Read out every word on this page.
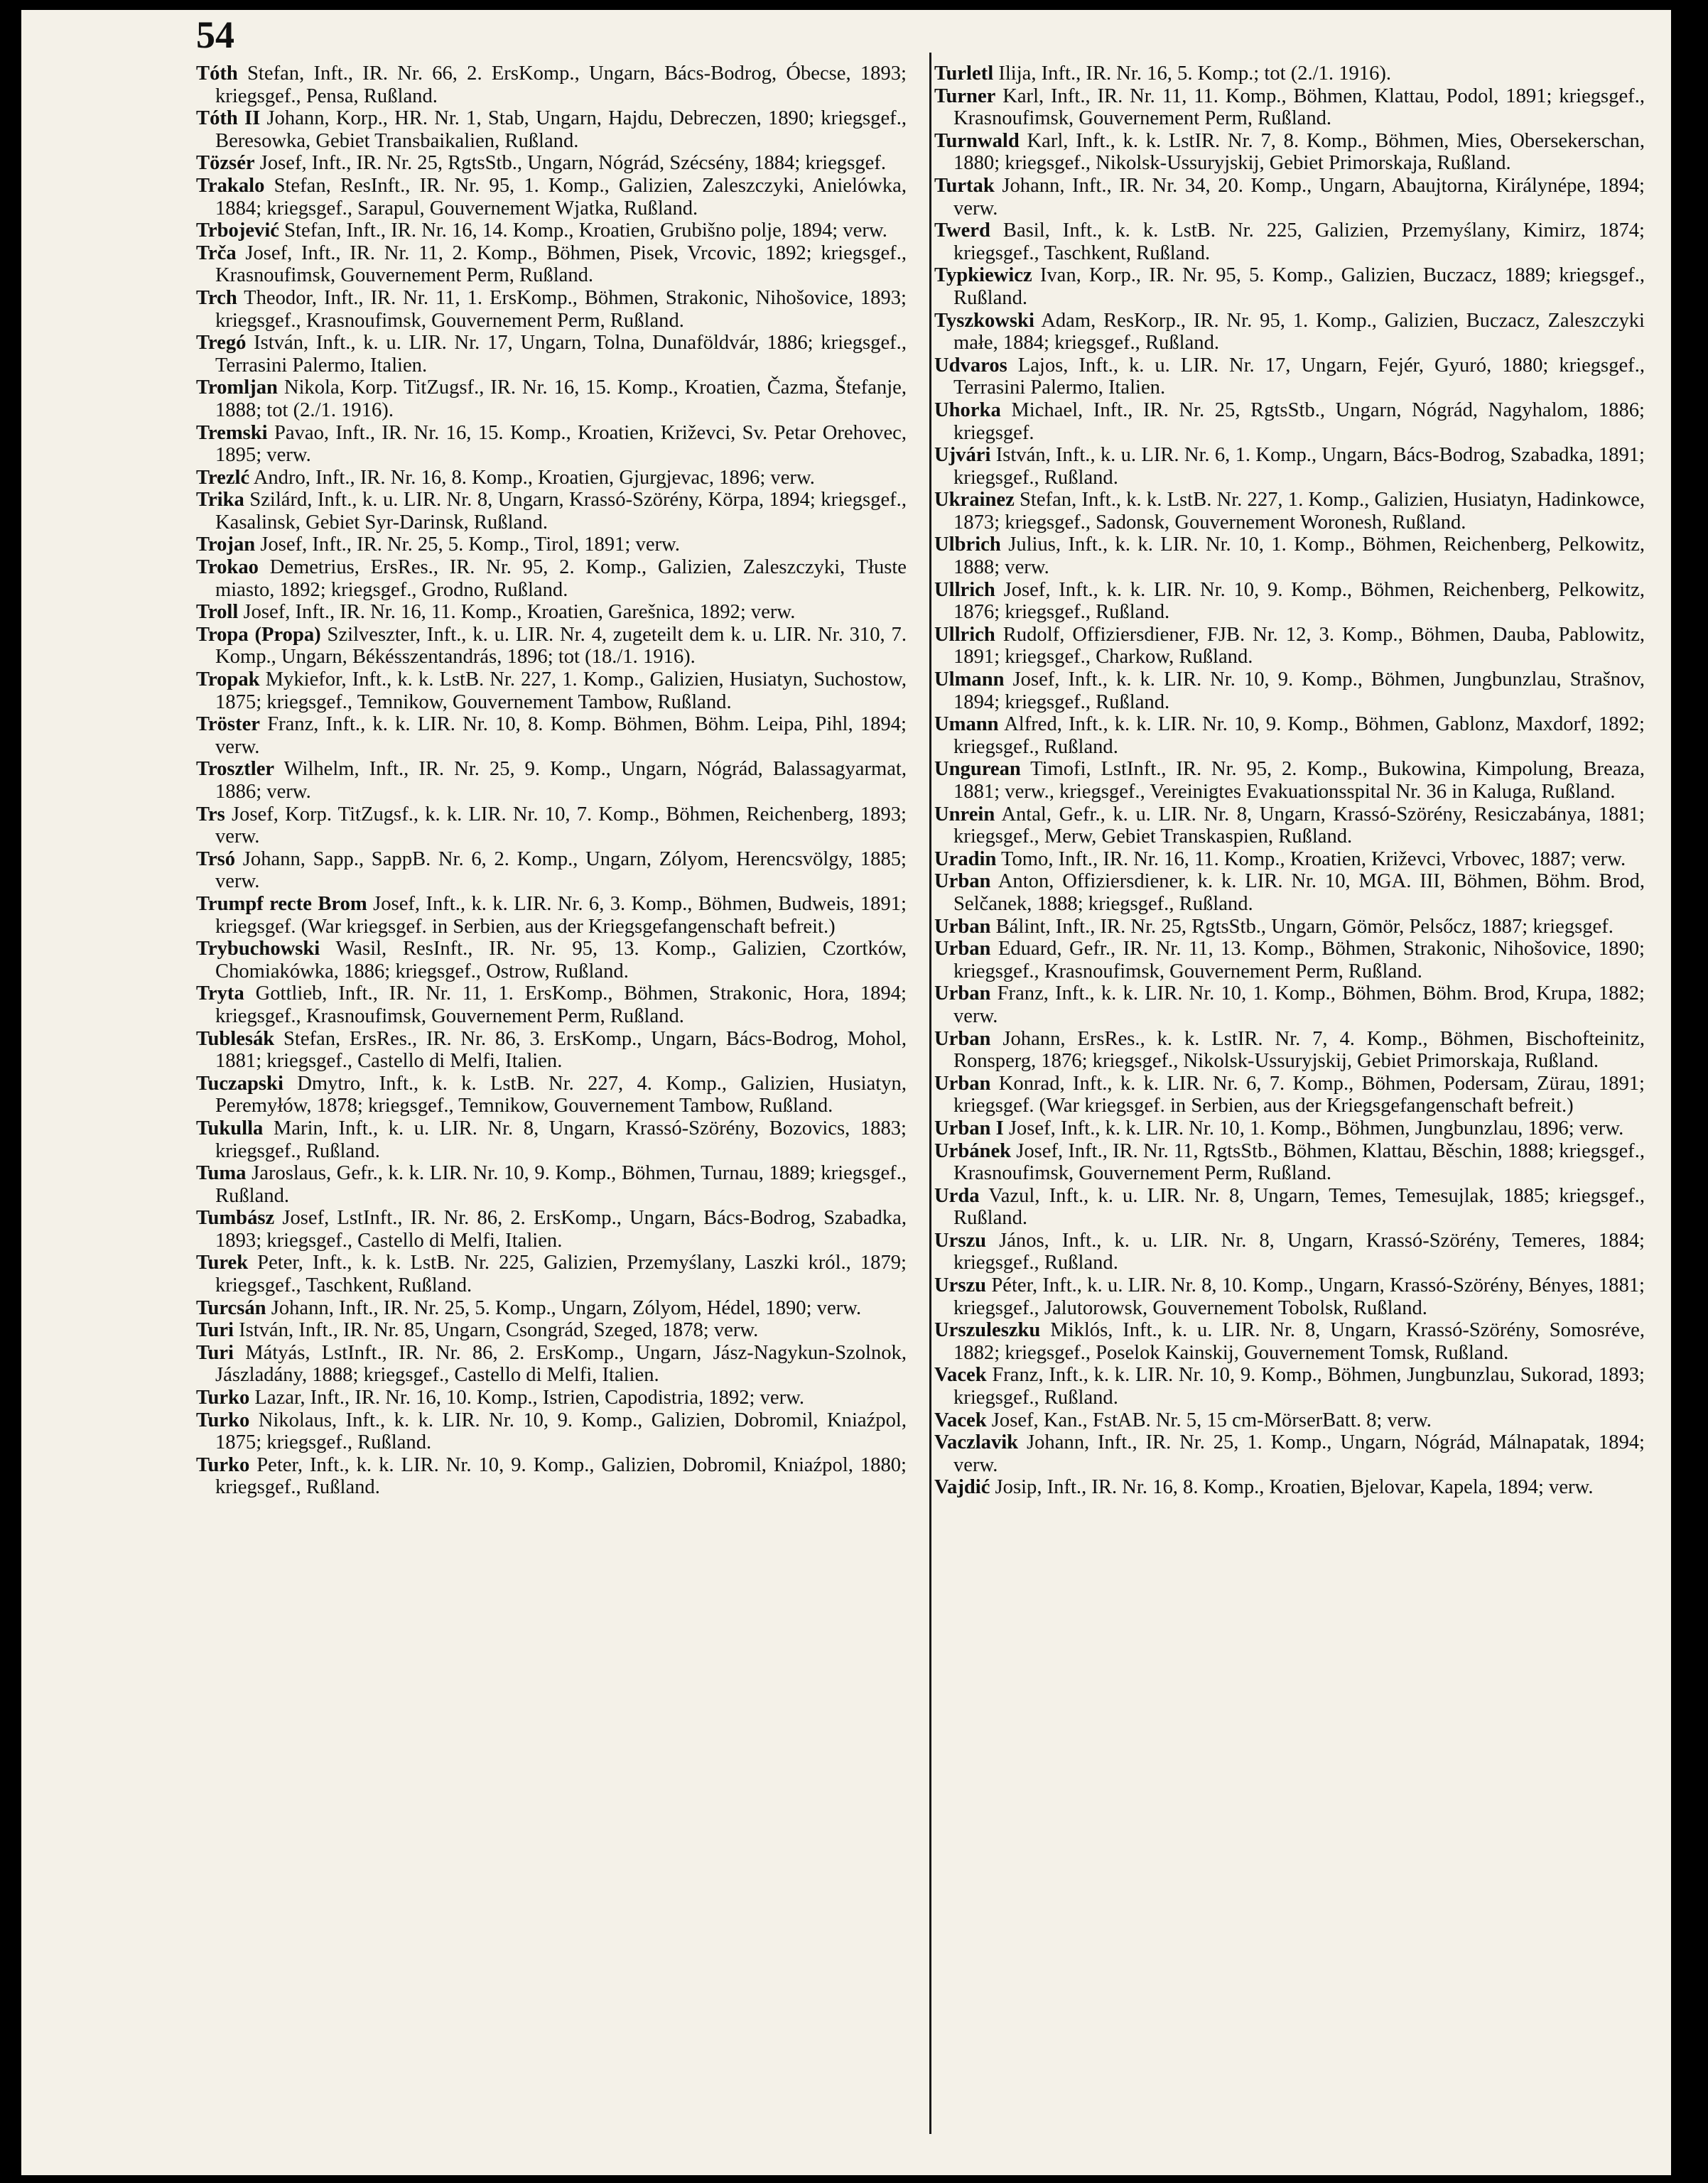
54
Tóth Stefan, Inft., IR. Nr. 66, 2. ErsKomp., Ungarn, Bács-Bodrog, Óbecse, 1893; kriegsgef., Pensa, Rußland.
Tóth II Johann, Korp., HR. Nr. 1, Stab, Ungarn, Hajdu, Debreczen, 1890; kriegsgef., Beresowka, Gebiet Transbaikalien, Rußland.
Tözsér Josef, Inft., IR. Nr. 25, RgtsStb., Ungarn, Nógrád, Szécsény, 1884; kriegsgef.
Trakalo Stefan, ResInft., IR. Nr. 95, 1. Komp., Galizien, Zaleszczyki, Anielówka, 1884; kriegsgef., Sarapul, Gouvernement Wjatka, Rußland.
Trbojević Stefan, Inft., IR. Nr. 16, 14. Komp., Kroatien, Grubišno polje, 1894; verw.
Trča Josef, Inft., IR. Nr. 11, 2. Komp., Böhmen, Pisek, Vrcovic, 1892; kriegsgef., Krasnoufimsk, Gouvernement Perm, Rußland.
Trch Theodor, Inft., IR. Nr. 11, 1. ErsKomp., Böhmen, Strakonic, Nihošovice, 1893; kriegsgef., Krasnoufimsk, Gouvernement Perm, Rußland.
Tregó István, Inft., k. u. LIR. Nr. 17, Ungarn, Tolna, Dunaföldvár, 1886; kriegsgef., Terrasini Palermo, Italien.
Tromljan Nikola, Korp. TitZugsf., IR. Nr. 16, 15. Komp., Kroatien, Čazma, Štefanje, 1888; tot (2./1. 1916).
Tremski Pavao, Inft., IR. Nr. 16, 15. Komp., Kroatien, Križevci, Sv. Petar Orehovec, 1895; verw.
Trezlć Andro, Inft., IR. Nr. 16, 8. Komp., Kroatien, Gjurgjevac, 1896; verw.
Trika Szilárd, Inft., k. u. LIR. Nr. 8, Ungarn, Krassó-Szörény, Körpa, 1894; kriegsgef., Kasalinsk, Gebiet Syr-Darinsk, Rußland.
Trojan Josef, Inft., IR. Nr. 25, 5. Komp., Tirol, 1891; verw.
Trokao Demetrius, ErsRes., IR. Nr. 95, 2. Komp., Galizien, Zaleszczyki, Tłuste miasto, 1892; kriegsgef., Grodno, Rußland.
Troll Josef, Inft., IR. Nr. 16, 11. Komp., Kroatien, Garešnica, 1892; verw.
Tropa (Propa) Szilveszter, Inft., k. u. LIR. Nr. 4, zugeteilt dem k. u. LIR. Nr. 310, 7. Komp., Ungarn, Békésszentandrás, 1896; tot (18./1. 1916).
Tropak Mykiefor, Inft., k. k. LstB. Nr. 227, 1. Komp., Galizien, Husiatyn, Suchostow, 1875; kriegsgef., Temnikow, Gouvernement Tambow, Rußland.
Tröster Franz, Inft., k. k. LIR. Nr. 10, 8. Komp. Böhmen, Böhm. Leipa, Pihl, 1894; verw.
Trosztler Wilhelm, Inft., IR. Nr. 25, 9. Komp., Ungarn, Nógrád, Balassagyarmat, 1886; verw.
Trs Josef, Korp. TitZugsf., k. k. LIR. Nr. 10, 7. Komp., Böhmen, Reichenberg, 1893; verw.
Trsó Johann, Sapp., SappB. Nr. 6, 2. Komp., Ungarn, Zólyom, Herencsvölgy, 1885; verw.
Trumpf recte Brom Josef, Inft., k. k. LIR. Nr. 6, 3. Komp., Böhmen, Budweis, 1891; kriegsgef. (War kriegsgef. in Serbien, aus der Kriegsgefangenschaft befreit.)
Trybuchowski Wasil, ResInft., IR. Nr. 95, 13. Komp., Galizien, Czortków, Chomiakówka, 1886; kriegsgef., Ostrow, Rußland.
Tryta Gottlieb, Inft., IR. Nr. 11, 1. ErsKomp., Böhmen, Strakonic, Hora, 1894; kriegsgef., Krasnoufimsk, Gouvernement Perm, Rußland.
Tublesák Stefan, ErsRes., IR. Nr. 86, 3. ErsKomp., Ungarn, Bács-Bodrog, Mohol, 1881; kriegsgef., Castello di Melfi, Italien.
Tuczapski Dmytro, Inft., k. k. LstB. Nr. 227, 4. Komp., Galizien, Husiatyn, Peremyłów, 1878; kriegsgef., Temnikow, Gouvernement Tambow, Rußland.
Tukulla Marin, Inft., k. u. LIR. Nr. 8, Ungarn, Krassó-Szörény, Bozovics, 1883; kriegsgef., Rußland.
Tuma Jaroslaus, Gefr., k. k. LIR. Nr. 10, 9. Komp., Böhmen, Turnau, 1889; kriegsgef., Rußland.
Tumbász Josef, LstInft., IR. Nr. 86, 2. ErsKomp., Ungarn, Bács-Bodrog, Szabadka, 1893; kriegsgef., Castello di Melfi, Italien.
Turek Peter, Inft., k. k. LstB. Nr. 225, Galizien, Przemyślany, Laszki król., 1879; kriegsgef., Taschkent, Rußland.
Turcsán Johann, Inft., IR. Nr. 25, 5. Komp., Ungarn, Zólyom, Hédel, 1890; verw.
Turi István, Inft., IR. Nr. 85, Ungarn, Csongrád, Szeged, 1878; verw.
Turi Mátyás, LstInft., IR. Nr. 86, 2. ErsKomp., Ungarn, Jász-Nagykun-Szolnok, Jászladány, 1888; kriegsgef., Castello di Melfi, Italien.
Turko Lazar, Inft., IR. Nr. 16, 10. Komp., Istrien, Capodistria, 1892; verw.
Turko Nikolaus, Inft., k. k. LIR. Nr. 10, 9. Komp., Galizien, Dobromil, Kniaźpol, 1875; kriegsgef., Rußland.
Turko Peter, Inft., k. k. LIR. Nr. 10, 9. Komp., Galizien, Dobromil, Kniaźpol, 1880; kriegsgef., Rußland.
Turletl Ilija, Inft., IR. Nr. 16, 5. Komp.; tot (2./1. 1916).
Turner Karl, Inft., IR. Nr. 11, 11. Komp., Böhmen, Klattau, Podol, 1891; kriegsgef., Krasnoufimsk, Gouvernement Perm, Rußland.
Turnwald Karl, Inft., k. k. LstIR. Nr. 7, 8. Komp., Böhmen, Mies, Obersekerschan, 1880; kriegsgef., Nikolsk-Ussuryjskij, Gebiet Primorskaja, Rußland.
Turtak Johann, Inft., IR. Nr. 34, 20. Komp., Ungarn, Abaujtorna, Királynépe, 1894; verw.
Twerd Basil, Inft., k. k. LstB. Nr. 225, Galizien, Przemyślany, Kimirz, 1874; kriegsgef., Taschkent, Rußland.
Typkiewicz Ivan, Korp., IR. Nr. 95, 5. Komp., Galizien, Buczacz, 1889; kriegsgef., Rußland.
Tyszkowski Adam, ResKorp., IR. Nr. 95, 1. Komp., Galizien, Buczacz, Zaleszczyki małe, 1884; kriegsgef., Rußland.
Udvaros Lajos, Inft., k. u. LIR. Nr. 17, Ungarn, Fejér, Gyuró, 1880; kriegsgef., Terrasini Palermo, Italien.
Uhorka Michael, Inft., IR. Nr. 25, RgtsStb., Ungarn, Nógrád, Nagyhalom, 1886; kriegsgef.
Ujvári István, Inft., k. u. LIR. Nr. 6, 1. Komp., Ungarn, Bács-Bodrog, Szabadka, 1891; kriegsgef., Rußland.
Ukrainez Stefan, Inft., k. k. LstB. Nr. 227, 1. Komp., Galizien, Husiatyn, Hadinkowce, 1873; kriegsgef., Sadonsk, Gouvernement Woronesh, Rußland.
Ulbrich Julius, Inft., k. k. LIR. Nr. 10, 1. Komp., Böhmen, Reichenberg, Pelkowitz, 1888; verw.
Ullrich Josef, Inft., k. k. LIR. Nr. 10, 9. Komp., Böhmen, Reichenberg, Pelkowitz, 1876; kriegsgef., Rußland.
Ullrich Rudolf, Offiziersdiener, FJB. Nr. 12, 3. Komp., Böhmen, Dauba, Pablowitz, 1891; kriegsgef., Charkow, Rußland.
Ulmann Josef, Inft., k. k. LIR. Nr. 10, 9. Komp., Böhmen, Jungbunzlau, Strašnov, 1894; kriegsgef., Rußland.
Umann Alfred, Inft., k. k. LIR. Nr. 10, 9. Komp., Böhmen, Gablonz, Maxdorf, 1892; kriegsgef., Rußland.
Ungurean Timofi, LstInft., IR. Nr. 95, 2. Komp., Bukowina, Kimpolung, Breaza, 1881; verw., kriegsgef., Vereinigtes Evakuationsspital Nr. 36 in Kaluga, Rußland.
Unrein Antal, Gefr., k. u. LIR. Nr. 8, Ungarn, Krassó-Szörény, Resiczabánya, 1881; kriegsgef., Merw, Gebiet Transkaspien, Rußland.
Uradin Tomo, Inft., IR. Nr. 16, 11. Komp., Kroatien, Križevci, Vrbovec, 1887; verw.
Urban Anton, Offiziersdiener, k. k. LIR. Nr. 10, MGA. III, Böhmen, Böhm. Brod, Selčanek, 1888; kriegsgef., Rußland.
Urban Bálint, Inft., IR. Nr. 25, RgtsStb., Ungarn, Gömör, Pelsőcz, 1887; kriegsgef.
Urban Eduard, Gefr., IR. Nr. 11, 13. Komp., Böhmen, Strakonic, Nihošovice, 1890; kriegsgef., Krasnoufimsk, Gouvernement Perm, Rußland.
Urban Franz, Inft., k. k. LIR. Nr. 10, 1. Komp., Böhmen, Böhm. Brod, Krupa, 1882; verw.
Urban Johann, ErsRes., k. k. LstIR. Nr. 7, 4. Komp., Böhmen, Bischofteinitz, Ronsperg, 1876; kriegsgef., Nikolsk-Ussuryjskij, Gebiet Primorskaja, Rußland.
Urban Konrad, Inft., k. k. LIR. Nr. 6, 7. Komp., Böhmen, Podersam, Zürau, 1891; kriegsgef. (War kriegsgef. in Serbien, aus der Kriegsgefangenschaft befreit.)
Urban I Josef, Inft., k. k. LIR. Nr. 10, 1. Komp., Böhmen, Jungbunzlau, 1896; verw.
Urbánek Josef, Inft., IR. Nr. 11, RgtsStb., Böhmen, Klattau, Běschin, 1888; kriegsgef., Krasnoufimsk, Gouvernement Perm, Rußland.
Urda Vazul, Inft., k. u. LIR. Nr. 8, Ungarn, Temes, Temesujlak, 1885; kriegsgef., Rußland.
Urszu János, Inft., k. u. LIR. Nr. 8, Ungarn, Krassó-Szörény, Temeres, 1884; kriegsgef., Rußland.
Urszu Péter, Inft., k. u. LIR. Nr. 8, 10. Komp., Ungarn, Krassó-Szörény, Bényes, 1881; kriegsgef., Jalutorowsk, Gouvernement Tobolsk, Rußland.
Urszuleszku Miklós, Inft., k. u. LIR. Nr. 8, Ungarn, Krassó-Szörény, Somosréve, 1882; kriegsgef., Poselok Kainskij, Gouvernement Tomsk, Rußland.
Vacek Franz, Inft., k. k. LIR. Nr. 10, 9. Komp., Böhmen, Jungbunzlau, Sukorad, 1893; kriegsgef., Rußland.
Vacek Josef, Kan., FstAB. Nr. 5, 15 cm-MörserBatt. 8; verw.
Vaczlavik Johann, Inft., IR. Nr. 25, 1. Komp., Ungarn, Nógrád, Málnapatak, 1894; verw.
Vajdić Josip, Inft., IR. Nr. 16, 8. Komp., Kroatien, Bjelovar, Kapela, 1894; verw.
